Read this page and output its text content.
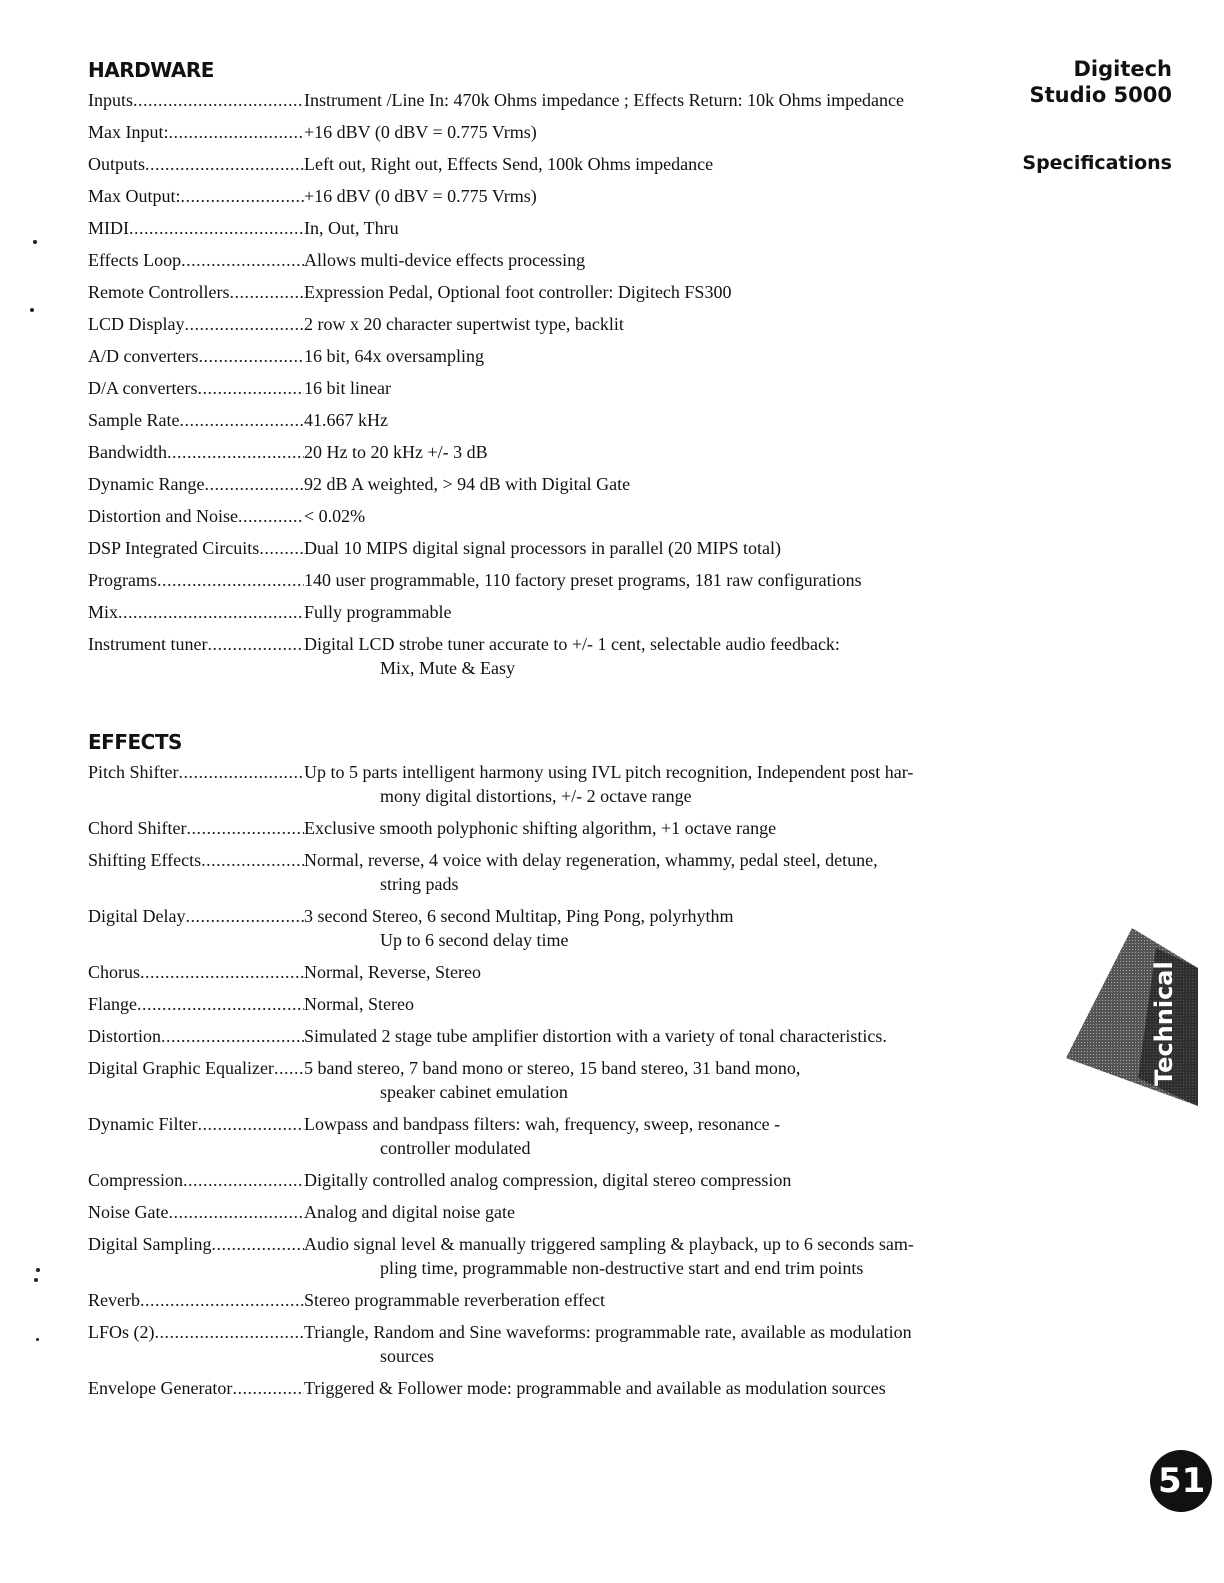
Digitech
Studio 5000
Specifications
HARDWARE
Inputs .....	Instrument /Line In: 470k Ohms impedance ; Effects Return: 10k Ohms impedance
Max Input: .....	+16 dBV (0 dBV = 0.775 Vrms)
Outputs .....	Left out, Right out, Effects Send, 100k Ohms impedance
Max Output: .....	+16 dBV (0 dBV = 0.775 Vrms)
MIDI .....	In, Out, Thru
Effects Loop .....	Allows multi-device effects processing
Remote Controllers .....	Expression Pedal, Optional foot controller: Digitech FS300
LCD Display .....	2 row x 20 character supertwist type, backlit
A/D converters .....	16 bit, 64x oversampling
D/A converters .....	16 bit linear
Sample Rate .....	41.667 kHz
Bandwidth .....	20 Hz to 20 kHz +/- 3 dB
Dynamic Range .....	92 dB A weighted, > 94 dB with Digital Gate
Distortion and Noise .....	< 0.02%
DSP Integrated Circuits ..... Dual 10 MIPS digital signal processors in parallel (20 MIPS total)
Programs .....	140 user programmable, 110 factory preset programs, 181 raw configurations
Mix .....	Fully programmable
Instrument tuner .....	Digital LCD strobe tuner accurate to +/- 1 cent, selectable audio feedback:
Mix, Mute & Easy
EFFECTS
Pitch Shifter .....	Up to 5 parts intelligent harmony using IVL pitch recognition, Independent post har-
mony digital distortions, +/- 2 octave range
Chord Shifter .....	Exclusive smooth polyphonic shifting algorithm, +1 octave range
Shifting Effects .....	Normal, reverse, 4 voice with delay regeneration, whammy, pedal steel, detune,
string pads
Digital Delay .....	3 second Stereo, 6 second Multitap, Ping Pong, polyrhythm
Up to 6 second delay time
Chorus .....	Normal, Reverse, Stereo
Flange .....	Normal, Stereo
Distortion .....	Simulated 2 stage tube amplifier distortion with a variety of tonal characteristics.
Digital Graphic Equalizer ..... 5 band stereo, 7 band mono or stereo, 15 band stereo, 31 band mono,
speaker cabinet emulation
Dynamic Filter .....	Lowpass and bandpass filters: wah, frequency, sweep, resonance -
controller modulated
Compression .....	Digitally controlled analog compression, digital stereo compression
Noise Gate .....	Analog and digital noise gate
Digital Sampling .....	Audio signal level & manually triggered sampling & playback, up to 6 seconds sam-
pling time, programmable non-destructive start and end trim points
Reverb .....	Stereo programmable reverberation effect
LFOs (2) .....	Triangle, Random and Sine waveforms: programmable rate, available as modulation
sources
Envelope Generator .....	Triggered & Follower mode: programmable and available as modulation sources
Technical
51
